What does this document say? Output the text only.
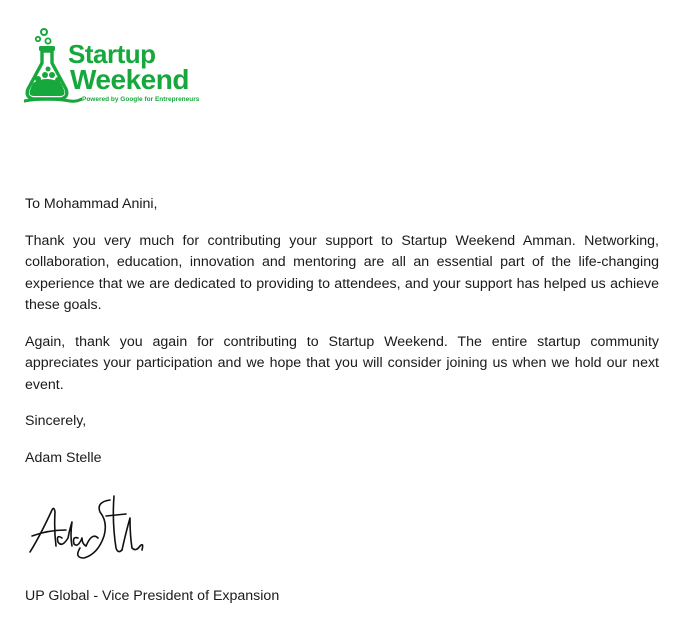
Startup
Weekend
Powered by Google for Entrepreneurs

To Mohammad Anini,

Thank you very much for contributing your support to Startup Weekend Amman. Networking, collaboration, education, innovation and mentoring are all an essential part of the life-changing experience that we are dedicated to providing to attendees, and your support has helped us achieve these goals.

Again, thank you again for contributing to Startup Weekend. The entire startup community appreciates your participation and we hope that you will consider joining us when we hold our next event.

Sincerely,

Adam Stelle

UP Global - Vice President of Expansion
